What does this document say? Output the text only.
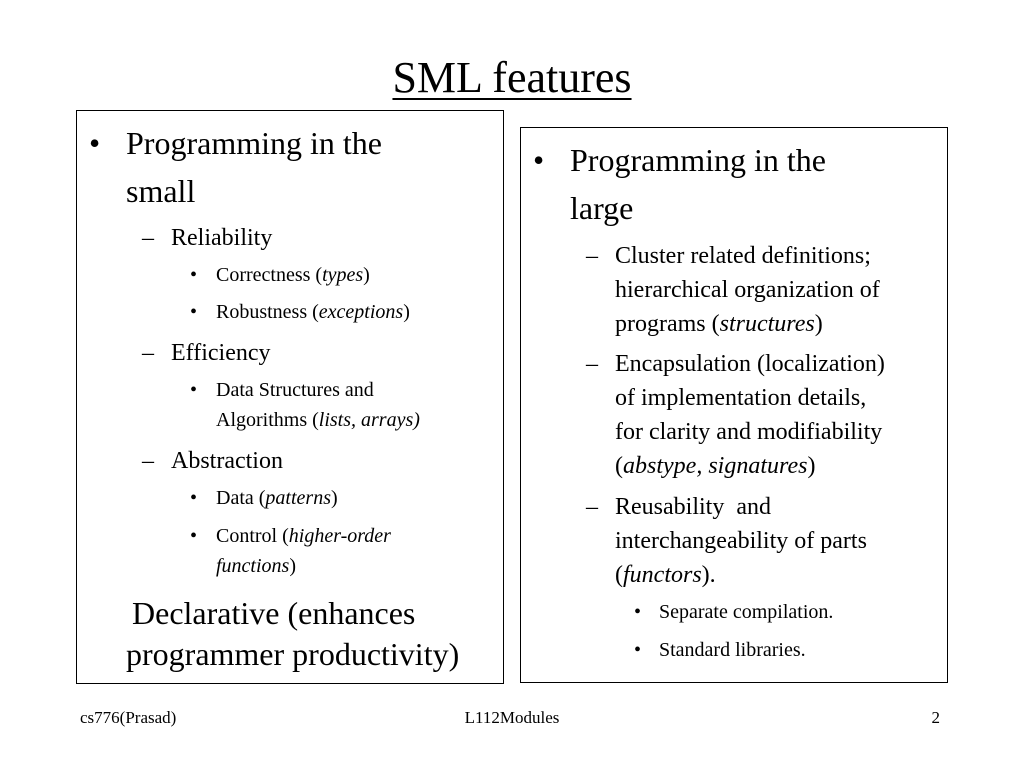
SML features
• Programming in the
small
– Reliability
• Correctness (types)
• Robustness (exceptions)
– Efficiency
• Data Structures and
Algorithms (lists, arrays)
– Abstraction
• Data (patterns)
• Control (higher-order
functions)
Declarative (enhances
programmer productivity)
• Programming in the
large
– Cluster related definitions;
hierarchical organization of
programs (structures)
– Encapsulation (localization)
of implementation details,
for clarity and modifiability
(abstype, signatures)
– Reusability  and
interchangeability of parts
(functors).
• Separate compilation.
• Standard libraries.
cs776(Prasad)	L112Modules	2
